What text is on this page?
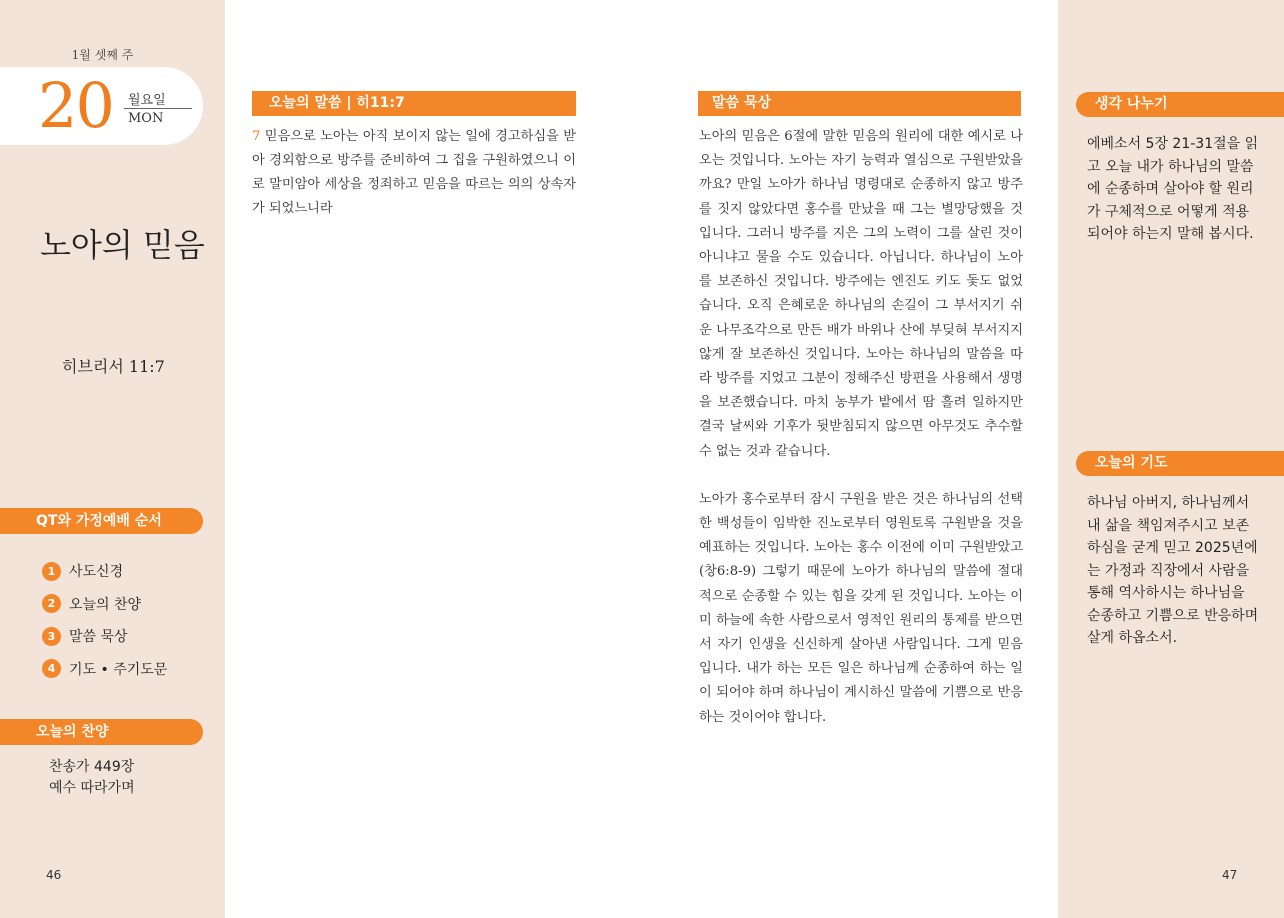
1월 셋째 주
20 월요일
MON
노아의 믿음
히브리서 11:7
QT와 가정예배 순서
1 사도신경
2 오늘의 찬양
3 말씀 묵상
4 기도 • 주기도문
오늘의 찬양
찬송가 449장
예수 따라가며
46
오늘의 말씀 | 히11:7

7 믿음으로 노아는 아직 보이지 않는 일에 경고하심을 받아 경외함으로 방주를 준비하여 그 집을 구원하였으니 이로 말미암아 세상을 정죄하고 믿음을 따르는 의의 상속자가 되었느니라

말씀 묵상

노아의 믿음은 6절에 말한 믿음의 원리에 대한 예시로 나오는 것입니다. 노아는 자기 능력과 열심으로 구원받았을까요? 만일 노아가 하나님 명령대로 순종하지 않고 방주를 짓지 않았다면 홍수를 만났을 때 그는 별망당했을 것입니다. 그러니 방주를 지은 그의 노력이 그를 살린 것이 아니냐고 물을 수도 있습니다. 아닙니다. 하나님이 노아를 보존하신 것입니다. 방주에는 엔진도 키도 돛도 없었습니다. 오직 은혜로운 하나님의 손길이 그 부서지기 쉬운 나무조각으로 만든 배가 바위나 산에 부딪혀 부서지지 않게 잘 보존하신 것입니다. 노아는 하나님의 말씀을 따라 방주를 지었고 그분이 정해주신 방편을 사용해서 생명을 보존했습니다. 마치 농부가 밭에서 땀 흘려 일하지만 결국 날씨와 기후가 뒷받침되지 않으면 아무것도 추수할 수 없는 것과 같습니다.

노아가 홍수로부터 잠시 구원을 받은 것은 하나님의 선택한 백성들이 임박한 진노로부터 영원토록 구원받을 것을 예표하는 것입니다. 노아는 홍수 이전에 이미 구원받았고(창6:8-9) 그렇기 때문에 노아가 하나님의 말씀에 절대적으로 순종할 수 있는 힘을 갖게 된 것입니다. 노아는 이미 하늘에 속한 사람으로서 영적인 원리의 통제를 받으면서 자기 인생을 신신하게 살아낸 사람입니다. 그게 믿음입니다. 내가 하는 모든 일은 하나님께 순종하여 하는 일이 되어야 하며 하나님이 계시하신 말씀에 기쁨으로 반응하는 것이어야 합니다.

생각 나누기

에베소서 5장 21-31절을 읽고 오늘 내가 하나님의 말씀에 순종하며 살아야 할 원리가 구체적으로 어떻게 적용되어야 하는지 말해 봅시다.

오늘의 기도

하나님 아버지, 하나님께서 내 삶을 책임져주시고 보존하심을 굳게 믿고 2025년에는 가정과 직장에서 사람을 통해 역사하시는 하나님을 순종하고 기쁨으로 반응하며 살게 하옵소서.

47
